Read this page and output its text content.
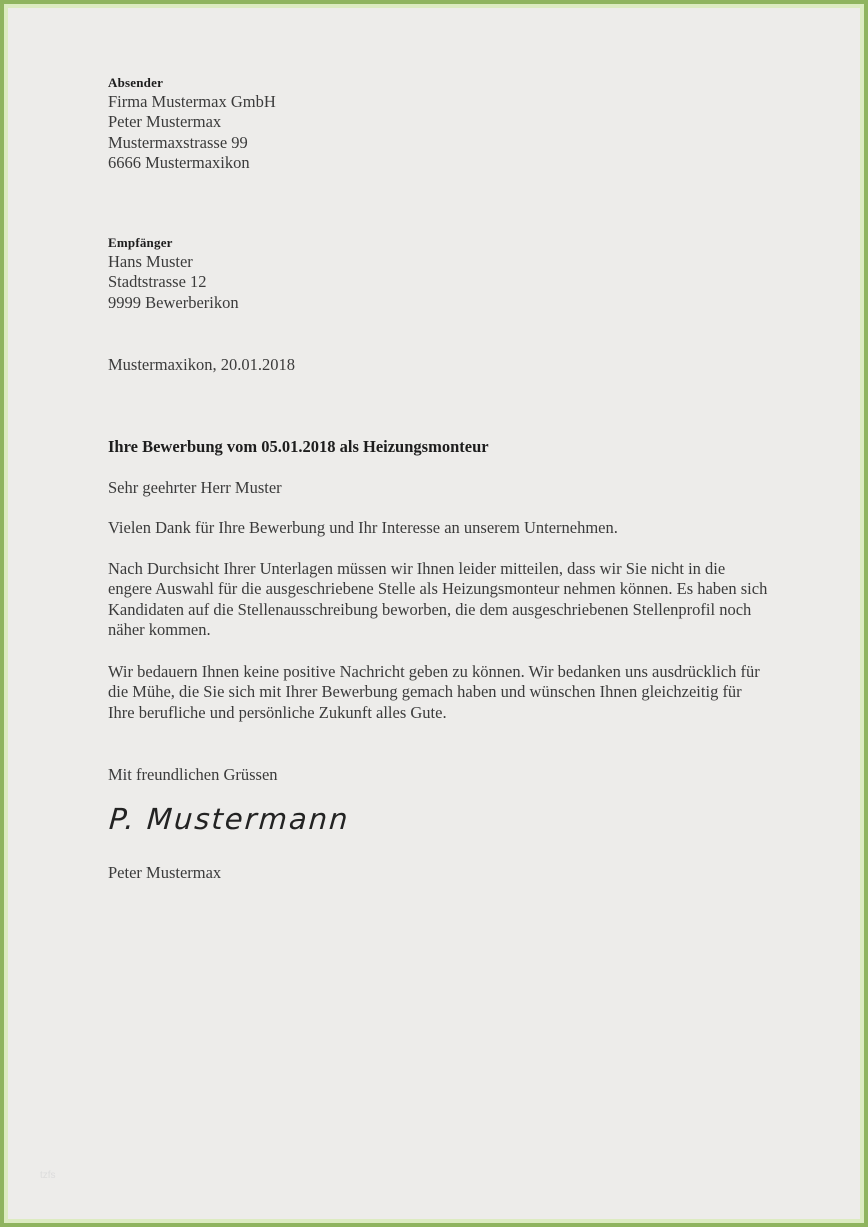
Absender
Firma Mustermax GmbH
Peter Mustermax
Mustermaxstrasse 99
6666 Mustermaxikon
Empfänger
Hans Muster
Stadtstrasse 12
9999 Bewerberikon
Mustermaxikon, 20.01.2018
Ihre Bewerbung vom 05.01.2018 als Heizungsmonteur
Sehr geehrter Herr Muster
Vielen Dank für Ihre Bewerbung und Ihr Interesse an unserem Unternehmen.
Nach Durchsicht Ihrer Unterlagen müssen wir Ihnen leider mitteilen, dass wir Sie nicht in die engere Auswahl für die ausgeschriebene Stelle als Heizungsmonteur nehmen können. Es haben sich Kandidaten auf die Stellenausschreibung beworben, die dem ausgeschriebenen Stellenprofil noch näher kommen.
Wir bedauern Ihnen keine positive Nachricht geben zu können. Wir bedanken uns ausdrücklich für die Mühe, die Sie sich mit Ihrer Bewerbung gemach haben und wünschen Ihnen gleichzeitig für Ihre berufliche und persönliche Zukunft alles Gute.
Mit freundlichen Grüssen
P. Mustermann
Peter Mustermax
tzfs
